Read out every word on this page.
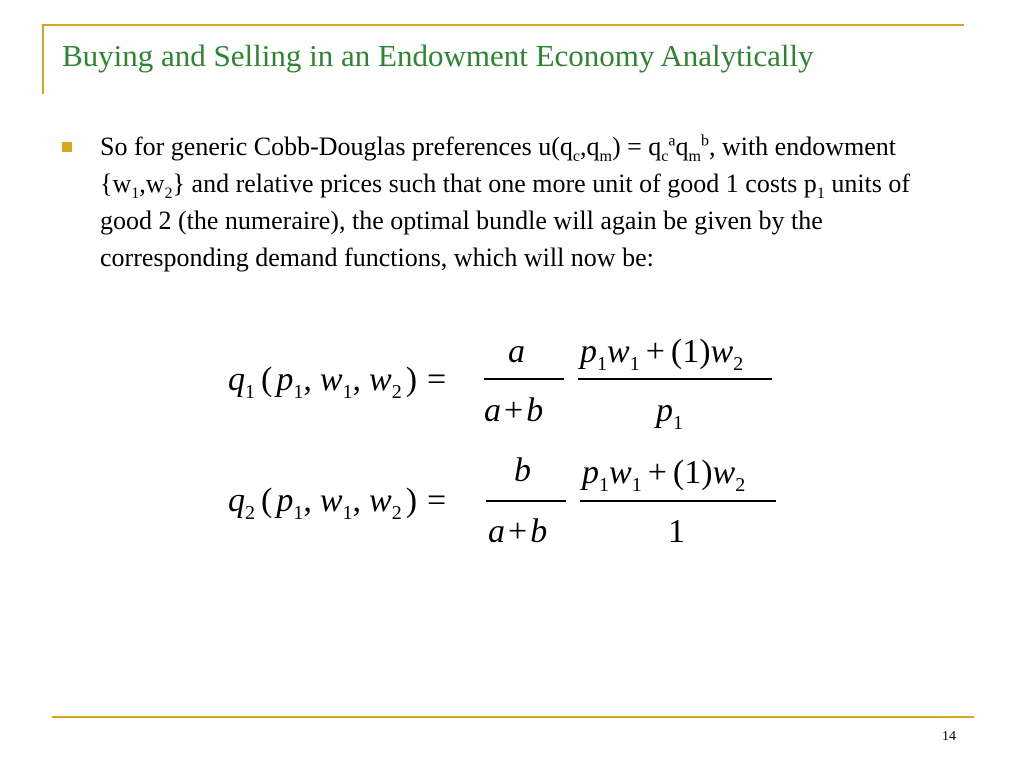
Buying and Selling in an Endowment Economy Analytically

So for generic Cobb-Douglas preferences $u(q_c,q_m) = q_c^aq_m^b$, with endowment $\{w_1,w_2\}$ and relative prices such that one more unit of good 1 costs $p_1$ units of good 2 (the numeraire), the optimal bundle will again be given by the corresponding demand functions, which will now be:

$q_1$ ( $p_1$, $w_1$, $w_2$ ) =
a
a+b
$p_1w_1 + (1)w_2$
$p_1$
$q_2$ ( $p_1$, $w_1$, $w_2$ ) =
b
a+b
$p_1w_1 + (1)w_2$
1
14
